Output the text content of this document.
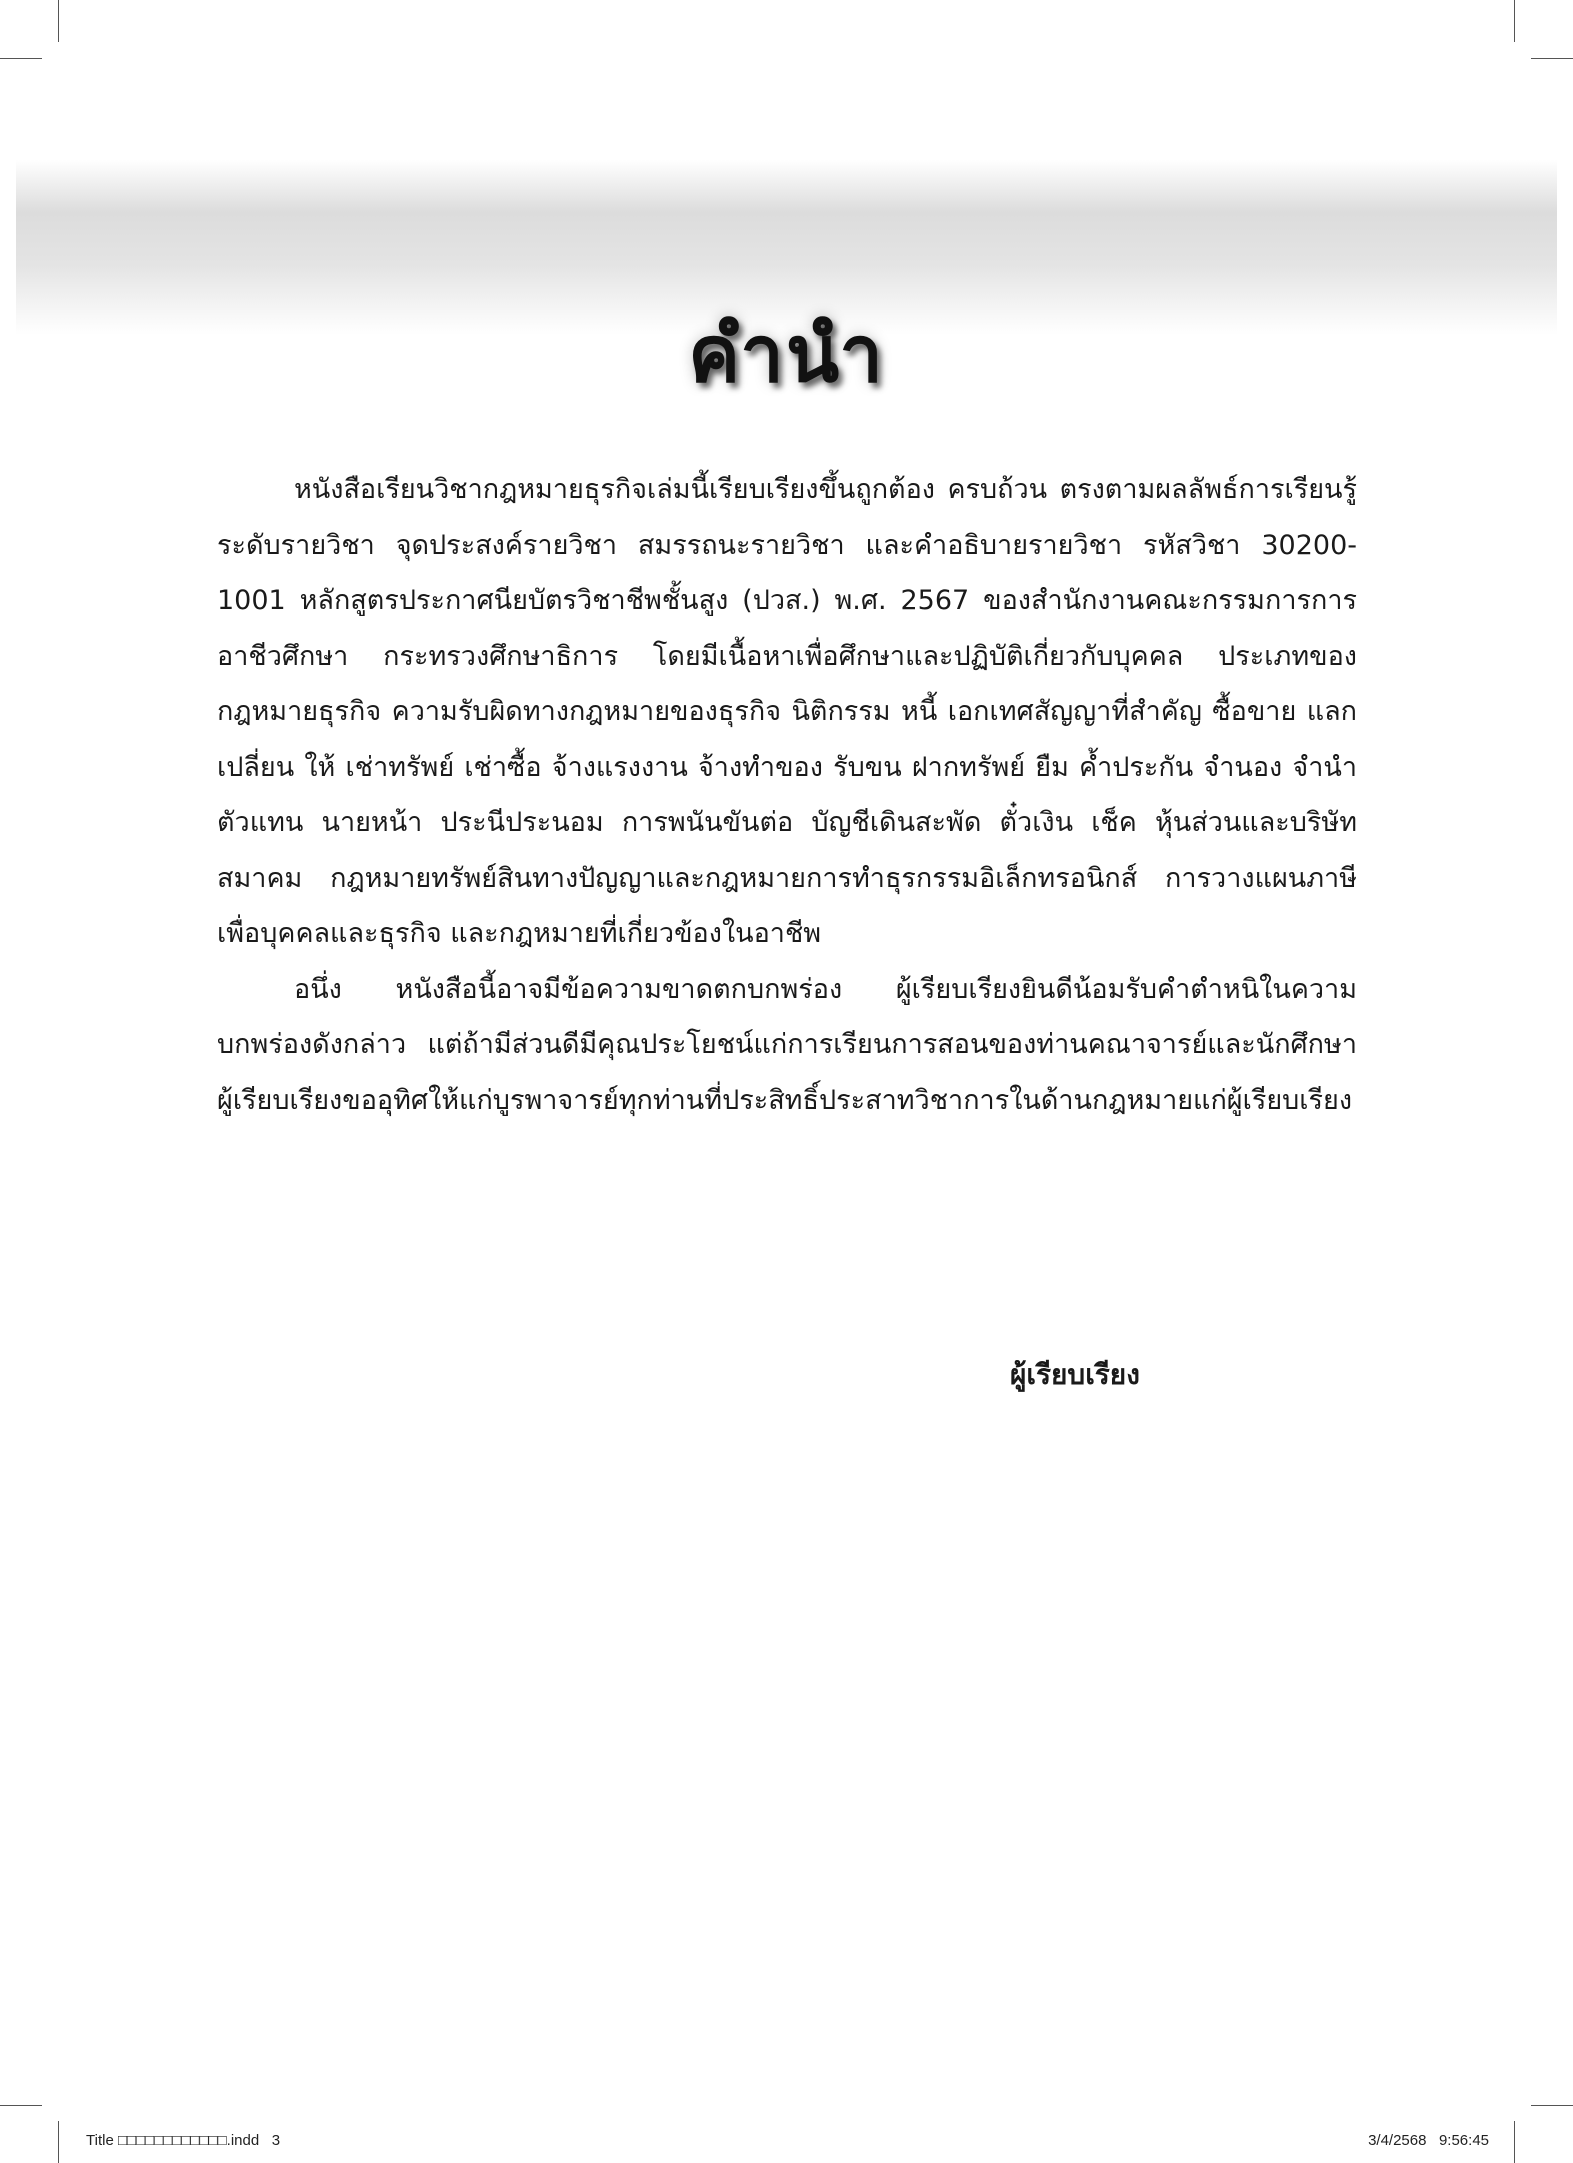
คำนำ

หนังสือเรียนวิชากฎหมายธุรกิจเล่มนี้เรียบเรียงขึ้นถูกต้อง ครบถ้วน ตรงตามผลลัพธ์การเรียนรู้ระดับรายวิชา จุดประสงค์รายวิชา สมรรถนะรายวิชา และคำอธิบายรายวิชา รหัสวิชา 30200-1001 หลักสูตรประกาศนียบัตรวิชาชีพชั้นสูง (ปวส.) พ.ศ. 2567 ของสำนักงานคณะกรรมการการอาชีวศึกษา กระทรวงศึกษาธิการ โดยมีเนื้อหาเพื่อศึกษาและปฏิบัติเกี่ยวกับบุคคล ประเภทของกฎหมายธุรกิจ ความรับผิดทางกฎหมายของธุรกิจ นิติกรรม หนี้ เอกเทศสัญญาที่สำคัญ ซื้อขาย แลกเปลี่ยน ให้ เช่าทรัพย์ เช่าซื้อ จ้างแรงงาน จ้างทำของ รับขน ฝากทรัพย์ ยืม ค้ำประกัน จำนอง จำนำ ตัวแทน นายหน้า ประนีประนอม การพนันขันต่อ บัญชีเดินสะพัด ตั๋วเงิน เช็ค หุ้นส่วนและบริษัท สมาคม กฎหมายทรัพย์สินทางปัญญาและกฎหมายการทำธุรกรรมอิเล็กทรอนิกส์ การวางแผนภาษีเพื่อบุคคลและธุรกิจ และกฎหมายที่เกี่ยวข้องในอาชีพ

อนึ่ง หนังสือนี้อาจมีข้อความขาดตกบกพร่อง ผู้เรียบเรียงยินดีน้อมรับคำตำหนิในความบกพร่องดังกล่าว แต่ถ้ามีส่วนดีมีคุณประโยชน์แก่การเรียนการสอนของท่านคณาจารย์และนักศึกษา ผู้เรียบเรียงขออุทิศให้แก่บูรพาจารย์ทุกท่านที่ประสิทธิ์ประสาทวิชาการในด้านกฎหมายแก่ผู้เรียบเรียง

ผู้เรียบเรียง
Title □□□□□□□□□□□□.indd   3	3/4/2568   9:56:45
